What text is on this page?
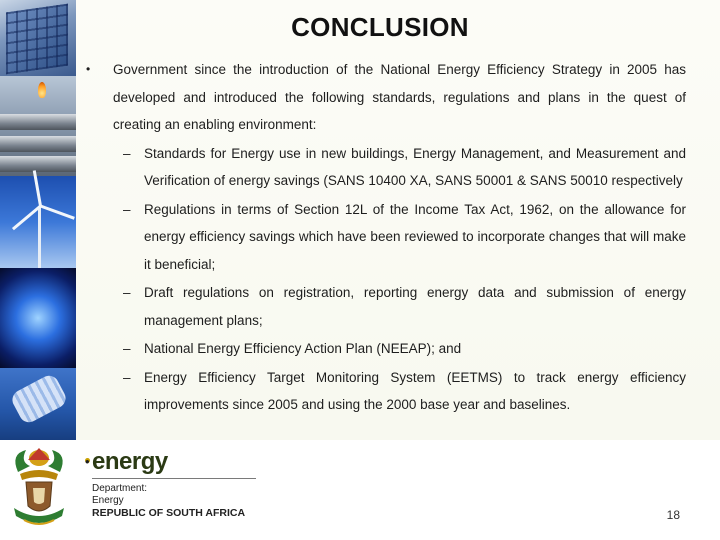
CONCLUSION
• Government since the introduction of the National Energy Efficiency Strategy in 2005 has developed and introduced the following standards, regulations and plans in the quest of creating an enabling environment:
– Standards for Energy use in new buildings, Energy Management, and Measurement and Verification of energy savings (SANS 10400 XA, SANS 50001 & SANS 50010 respectively
– Regulations in terms of Section 12L of the Income Tax Act, 1962, on the allowance for energy efficiency savings which have been reviewed to incorporate changes that will make it beneficial;
– Draft regulations on registration, reporting energy data and submission of energy management plans;
– National Energy Efficiency Action Plan (NEEAP); and
– Energy Efficiency Target Monitoring System (EETMS) to track energy efficiency improvements since 2005 and using the 2000 base year and baselines.
energy
Department:
Energy
REPUBLIC OF SOUTH AFRICA	18
•
